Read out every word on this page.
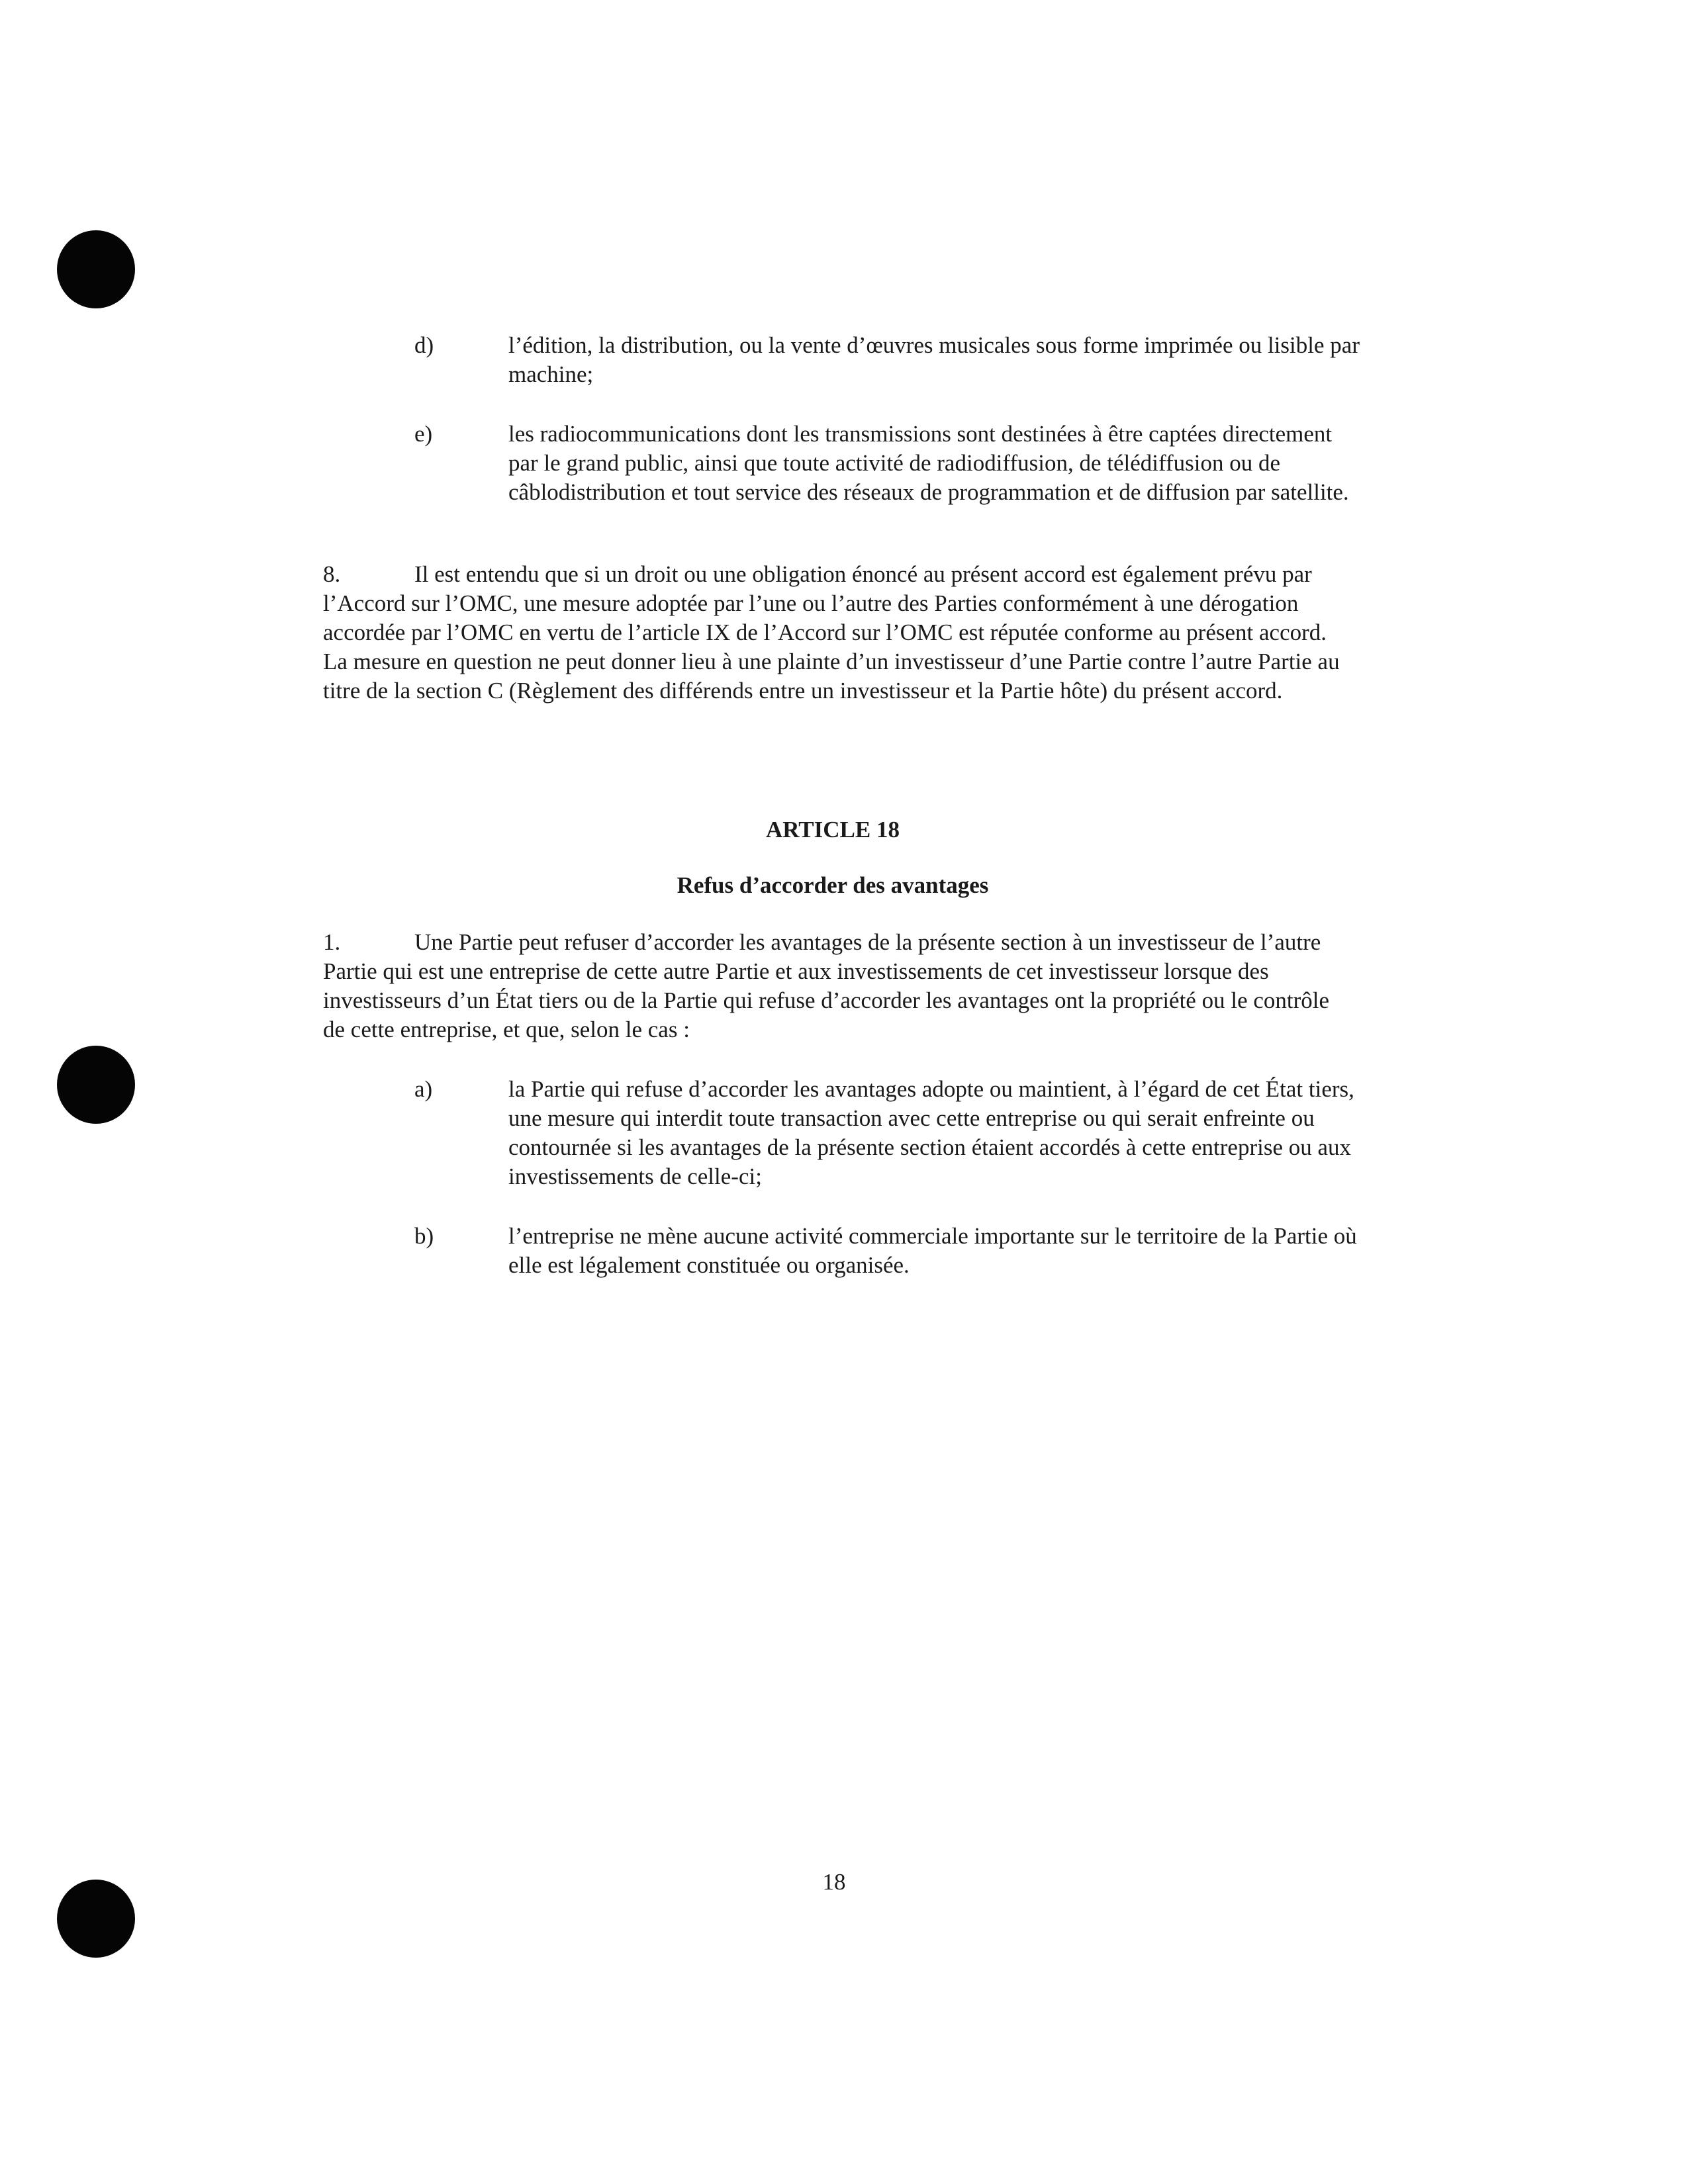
d)	l’édition, la distribution, ou la vente d’œuvres musicales sous forme imprimée ou lisible par machine;
e)	les radiocommunications dont les transmissions sont destinées à être captées directement par le grand public, ainsi que toute activité de radiodiffusion, de télédiffusion ou de câblodistribution et tout service des réseaux de programmation et de diffusion par satellite.
8.	Il est entendu que si un droit ou une obligation énoncé au présent accord est également prévu par l’Accord sur l’OMC, une mesure adoptée par l’une ou l’autre des Parties conformément à une dérogation accordée par l’OMC en vertu de l’article IX de l’Accord sur l’OMC est réputée conforme au présent accord. La mesure en question ne peut donner lieu à une plainte d’un investisseur d’une Partie contre l’autre Partie au titre de la section C (Règlement des différends entre un investisseur et la Partie hôte) du présent accord.
ARTICLE 18
Refus d’accorder des avantages
1.	Une Partie peut refuser d’accorder les avantages de la présente section à un investisseur de l’autre Partie qui est une entreprise de cette autre Partie et aux investissements de cet investisseur lorsque des investisseurs d’un État tiers ou de la Partie qui refuse d’accorder les avantages ont la propriété ou le contrôle de cette entreprise, et que, selon le cas :
a)	la Partie qui refuse d’accorder les avantages adopte ou maintient, à l’égard de cet État tiers, une mesure qui interdit toute transaction avec cette entreprise ou qui serait enfreinte ou contournée si les avantages de la présente section étaient accordés à cette entreprise ou aux investissements de celle-ci;
b)	l’entreprise ne mène aucune activité commerciale importante sur le territoire de la Partie où elle est légalement constituée ou organisée.
18
